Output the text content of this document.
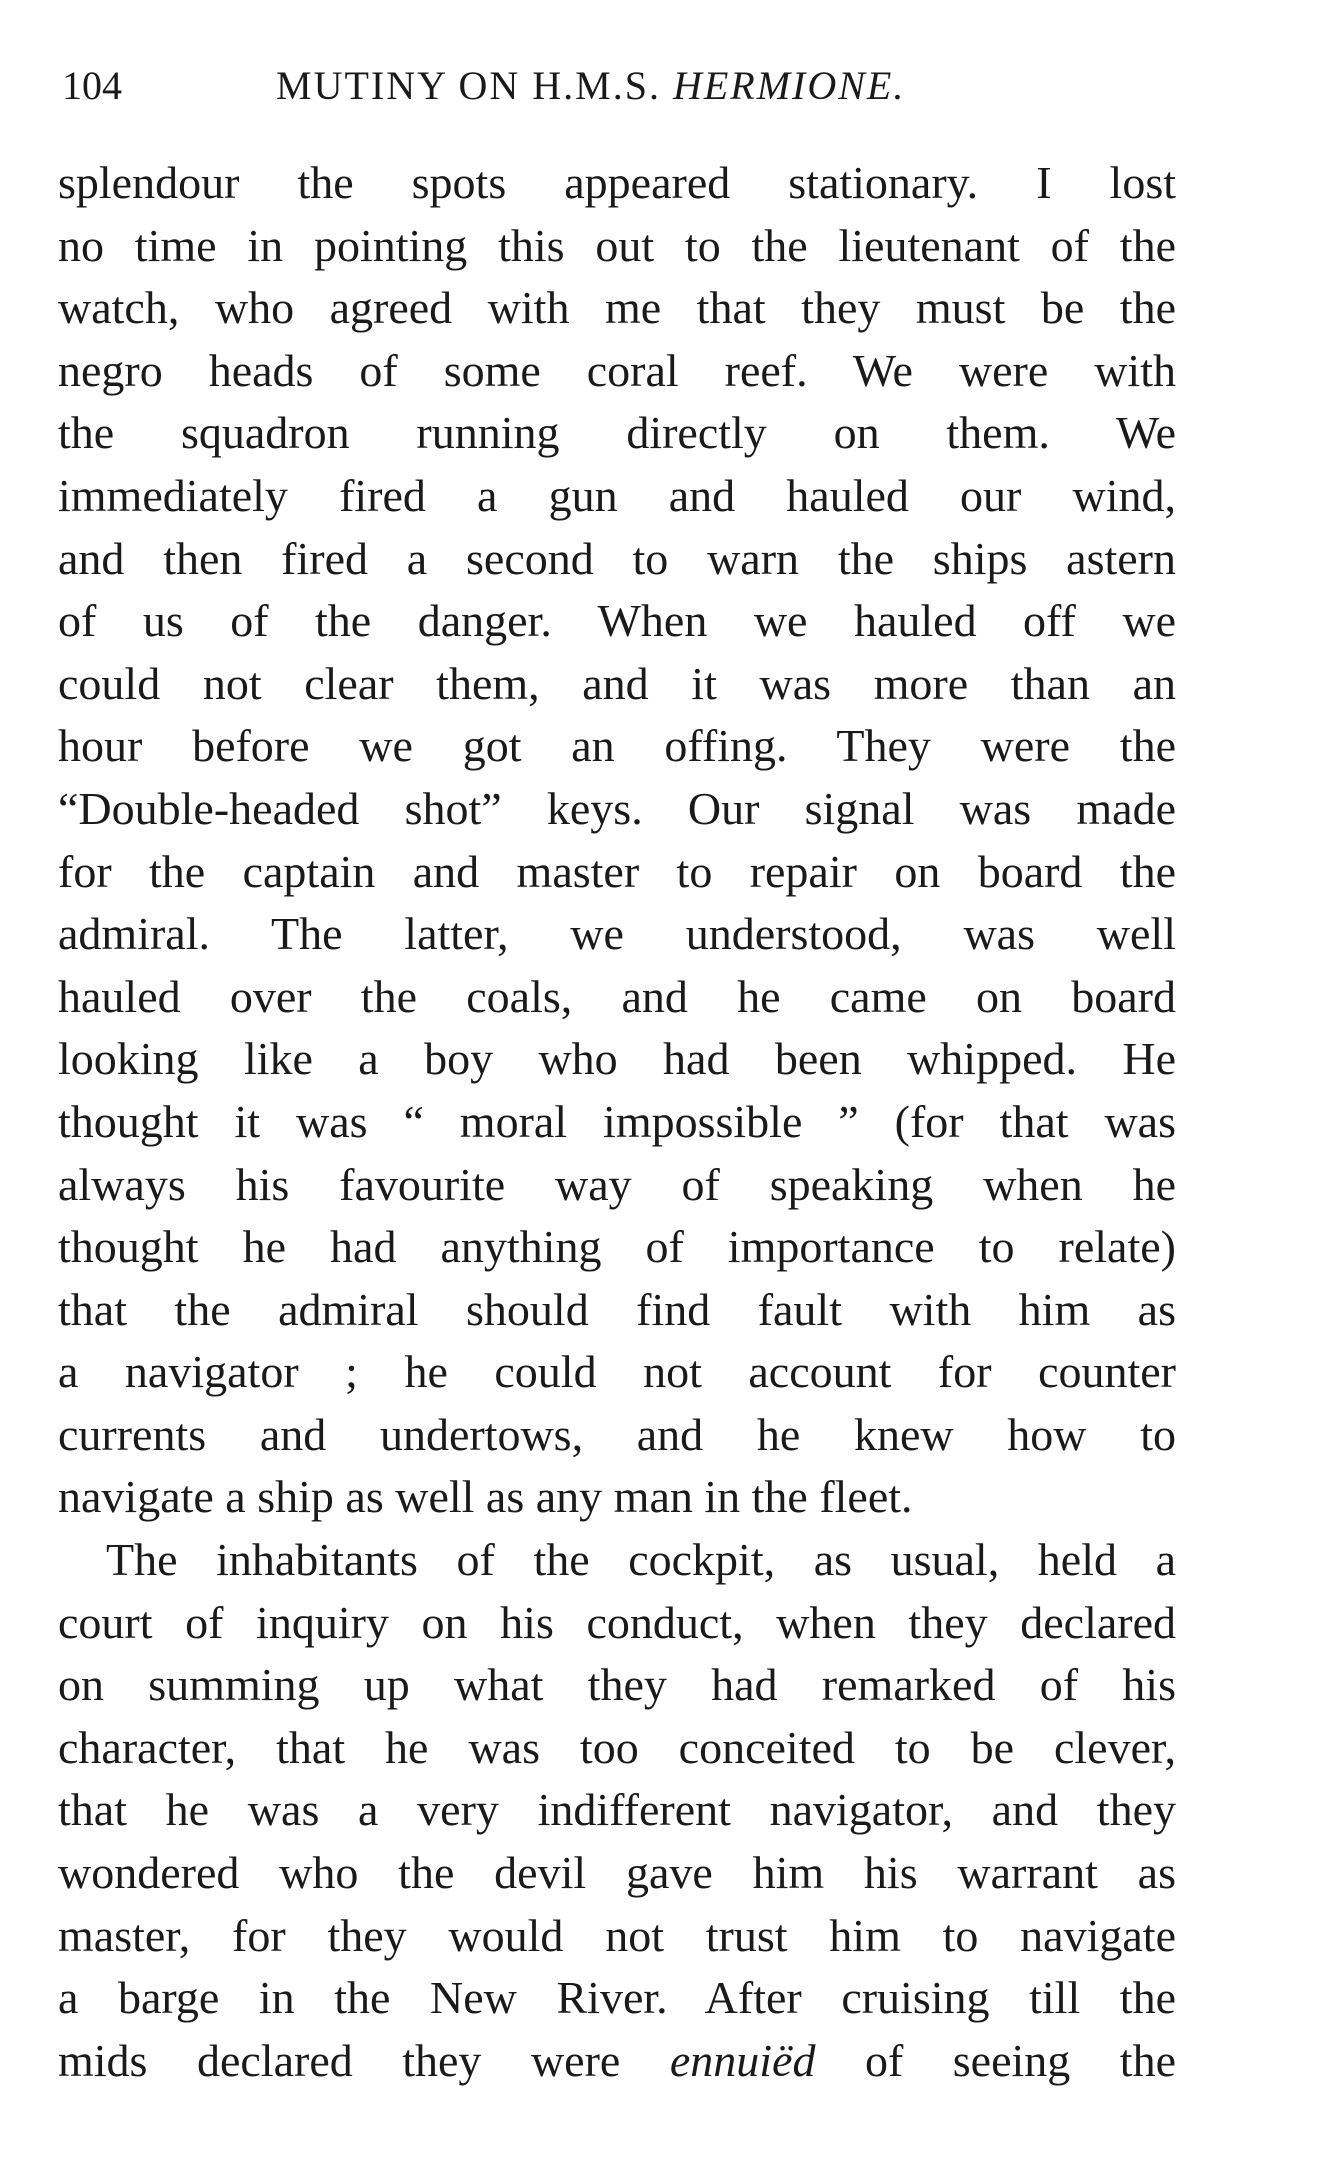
104	MUTINY ON H.M.S. HERMIONE.
splendour the spots appeared stationary. I lost
no time in pointing this out to the lieutenant of the
watch, who agreed with me that they must be the
negro heads of some coral reef. We were with
the squadron running directly on them. We
immediately fired a gun and hauled our wind,
and then fired a second to warn the ships astern
of us of the danger. When we hauled off we
could not clear them, and it was more than an
hour before we got an offing. They were the
“Double-headed shot” keys. Our signal was made
for the captain and master to repair on board the
admiral. The latter, we understood, was well
hauled over the coals, and he came on board
looking like a boy who had been whipped. He
thought it was “ moral impossible ” (for that was
always his favourite way of speaking when he
thought he had anything of importance to relate)
that the admiral should find fault with him as
a navigator ; he could not account for counter
currents and undertows, and he knew how to
navigate a ship as well as any man in the fleet.
The inhabitants of the cockpit, as usual, held a
court of inquiry on his conduct, when they declared
on summing up what they had remarked of his
character, that he was too conceited to be clever,
that he was a very indifferent navigator, and they
wondered who the devil gave him his warrant as
master, for they would not trust him to navigate
a barge in the New River. After cruising till the
mids declared they were ennuiëd of seeing the
